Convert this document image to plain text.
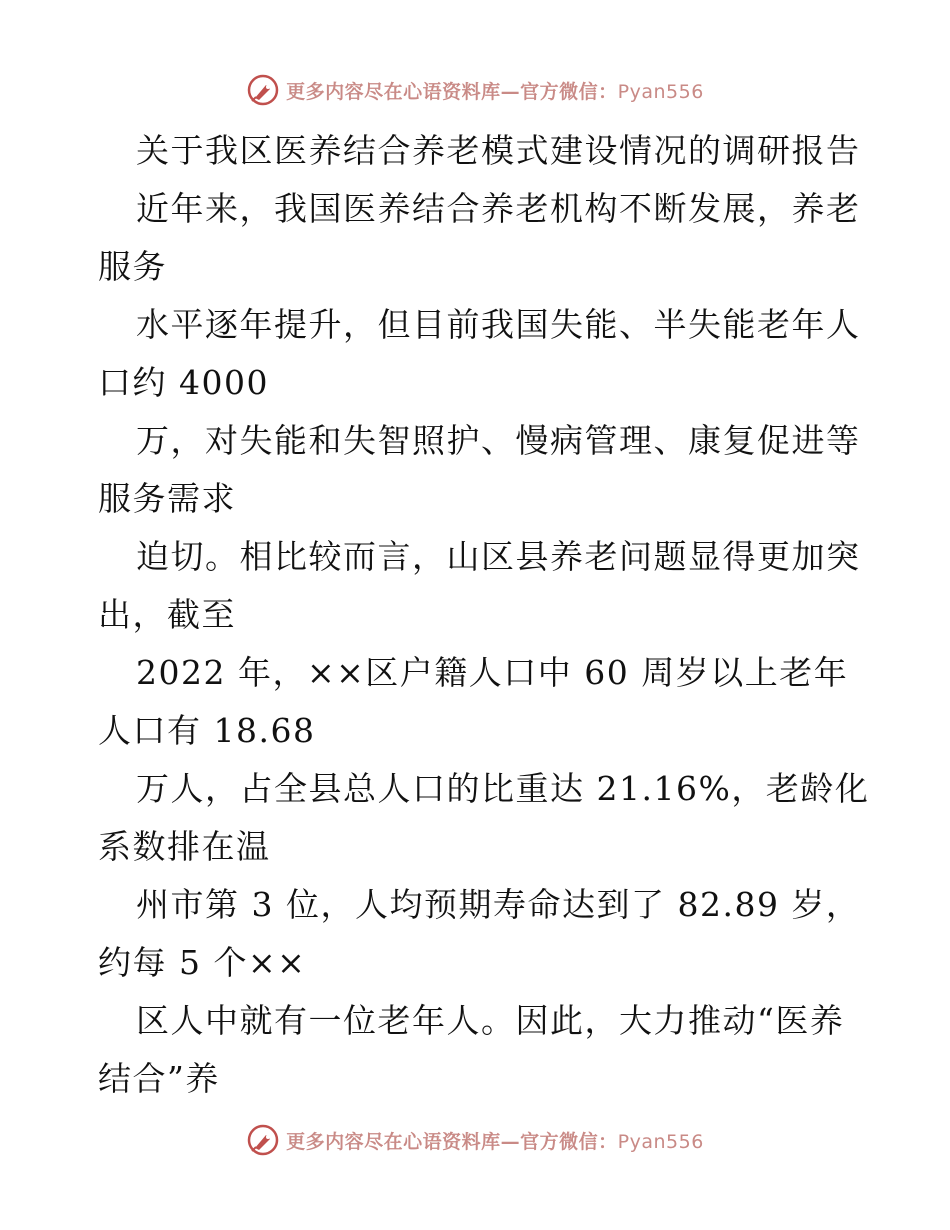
更多内容尽在心语资料库—官方微信：Pyan556
关于我区医养结合养老模式建设情况的调研报告
近年来，我国医养结合养老机构不断发展，养老
服务
水平逐年提升，但目前我国失能、半失能老年人
口约 4000
万，对失能和失智照护、慢病管理、康复促进等
服务需求
迫切。相比较而言，山区县养老问题显得更加突
出，截至
2022 年，××区户籍人口中 60 周岁以上老年
人口有 18.68
万人，占全县总人口的比重达 21.16%，老龄化
系数排在温
州市第 3 位，人均预期寿命达到了 82.89 岁，
约每 5 个××
区人中就有一位老年人。因此，大力推动“医养
结合”养
更多内容尽在心语资料库—官方微信：Pyan556
